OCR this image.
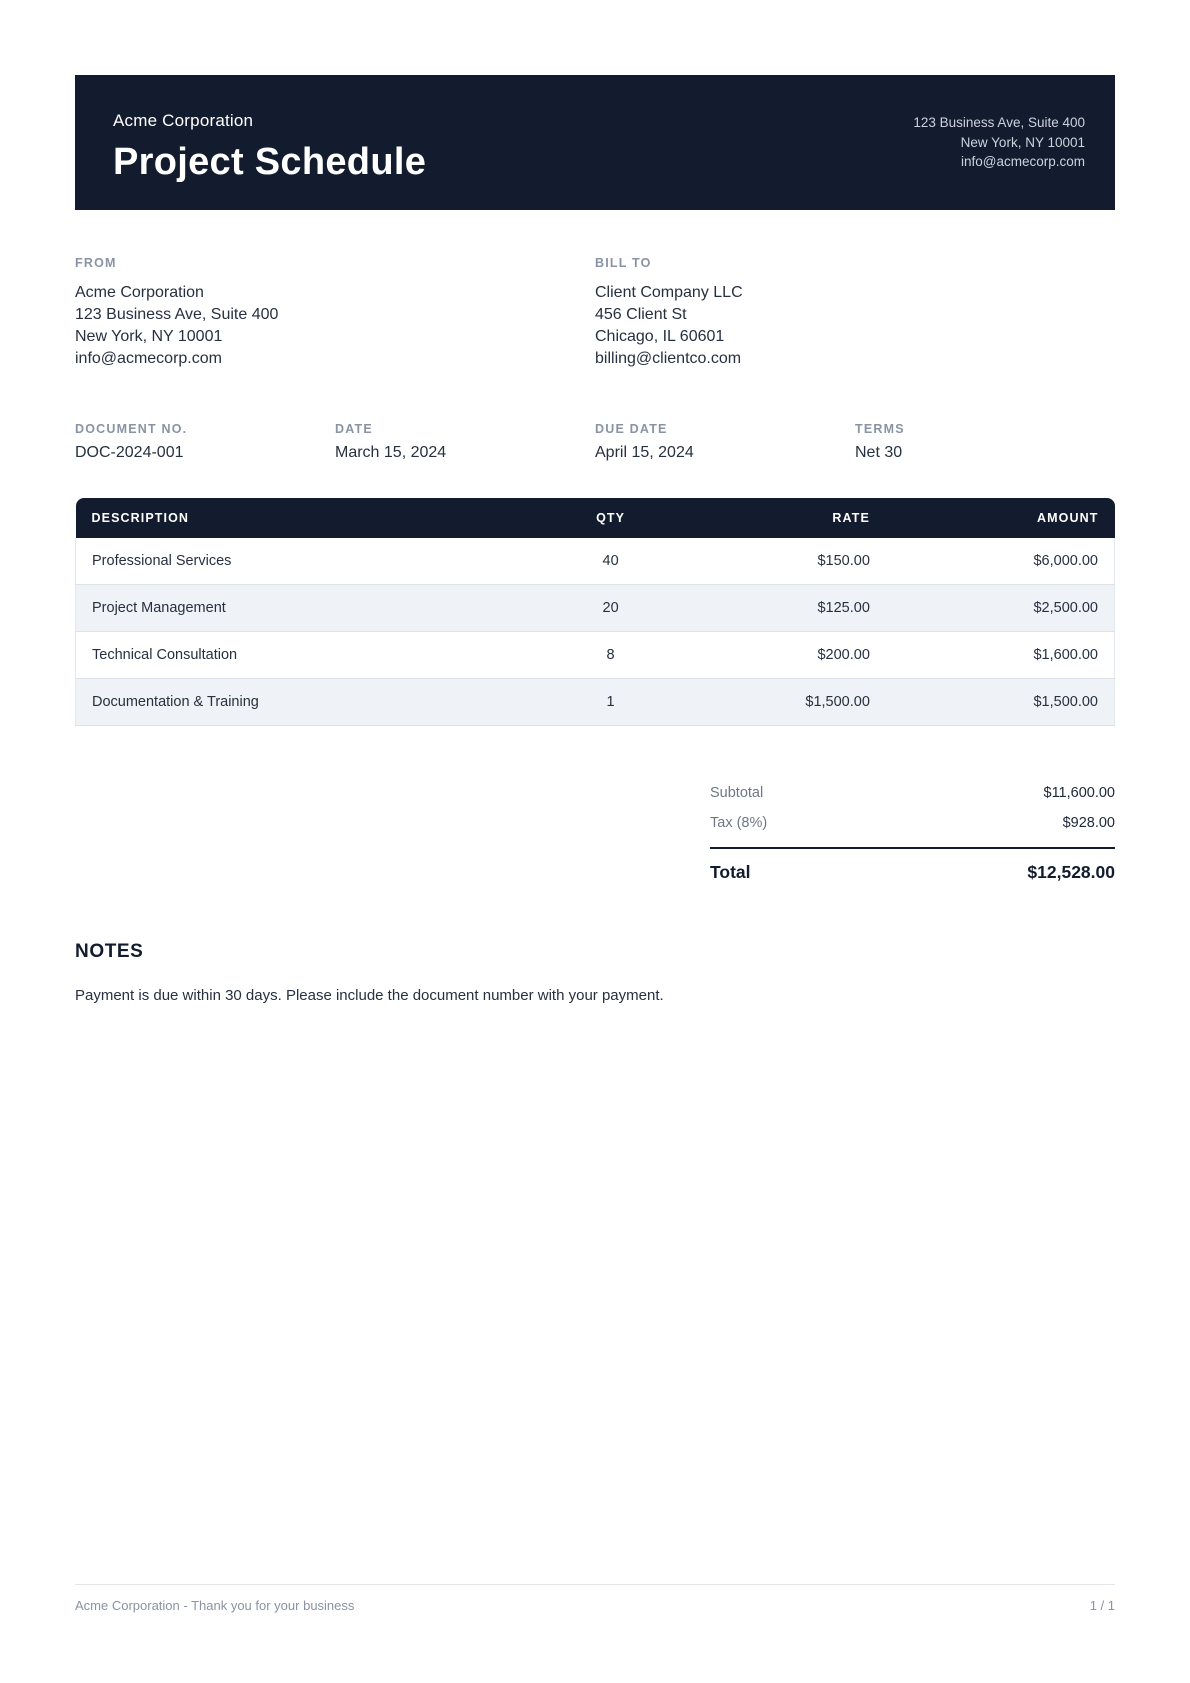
Acme Corporation
Project Schedule
123 Business Ave, Suite 400
New York, NY 10001
info@acmecorp.com
FROM
Acme Corporation
123 Business Ave, Suite 400
New York, NY 10001
info@acmecorp.com
BILL TO
Client Company LLC
456 Client St
Chicago, IL 60601
billing@clientco.com
DOCUMENT NO.
DOC-2024-001
DATE
March 15, 2024
DUE DATE
April 15, 2024
TERMS
Net 30
DESCRIPTION	QTY	RATE	AMOUNT
Professional Services	40	$150.00	$6,000.00
Project Management	20	$125.00	$2,500.00
Technical Consultation	8	$200.00	$1,600.00
Documentation & Training	1	$1,500.00	$1,500.00
Subtotal	$11,600.00
Tax (8%)	$928.00
Total	$12,528.00
NOTES
Payment is due within 30 days. Please include the document number with your payment.
Acme Corporation - Thank you for your business	1 / 1
